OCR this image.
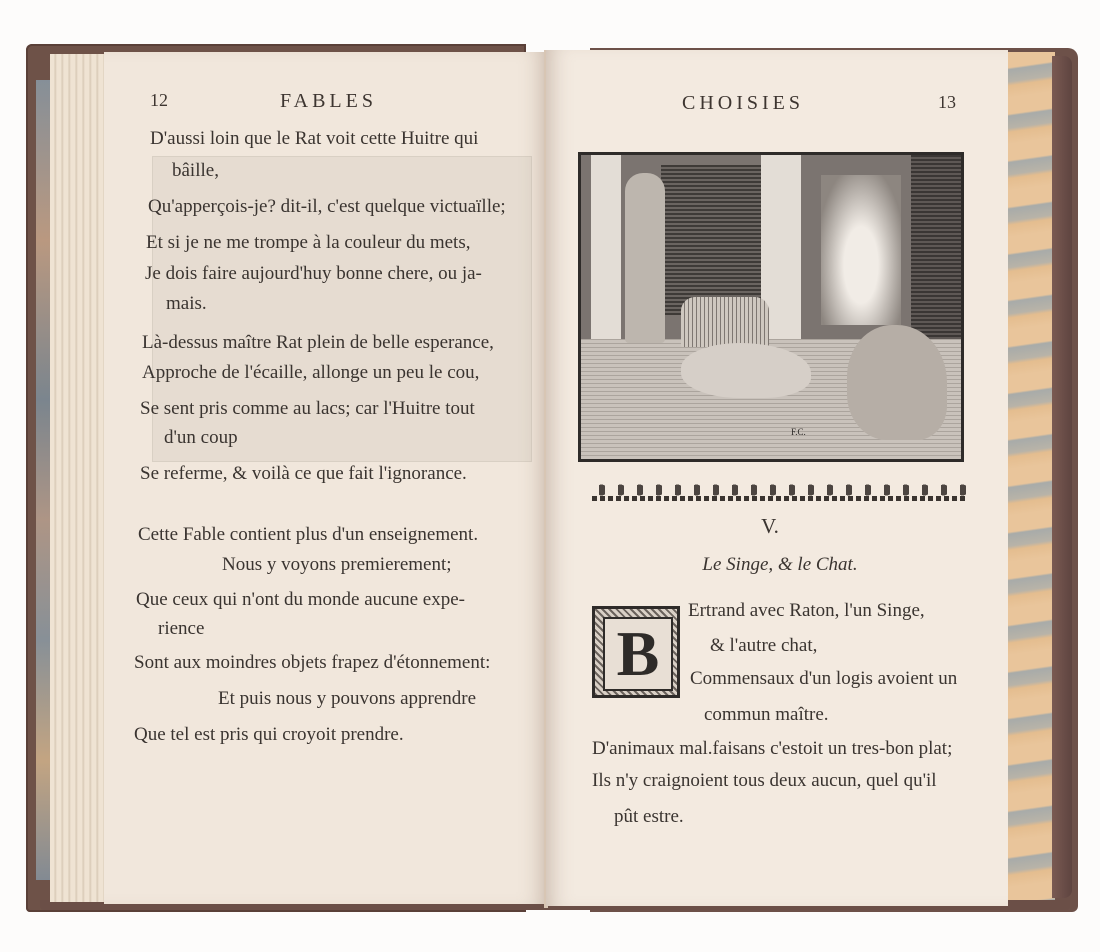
12	FABLES
D'aussi loin que le Rat voit cette Huitre qui
bâille,
Qu'apperçois-je? dit-il, c'est quelque victuaïlle;
Et si je ne me trompe à la couleur du mets,
Je dois faire aujourd'huy bonne chere, ou ja-
mais.
Là-dessus maître Rat plein de belle esperance,
Approche de l'écaille, allonge un peu le cou,
Se sent pris comme au lacs; car l'Huitre tout
d'un coup
Se referme, & voilà ce que fait l'ignorance.
Cette Fable contient plus d'un enseignement.
Nous y voyons premierement;
Que ceux qui n'ont du monde aucune expe-
rience
Sont aux moindres objets frapez d'étonnement:
Et puis nous y pouvons apprendre
Que tel est pris qui croyoit prendre.
CHOISIES	13
F.C.
V.
Le Singe, & le Chat.
B
Ertrand avec Raton, l'un Singe,
& l'autre chat,
Commensaux d'un logis avoient un
commun maître.
D'animaux mal.faisans c'estoit un tres-bon plat;
Ils n'y craignoient tous deux aucun, quel qu'il
pût estre.
